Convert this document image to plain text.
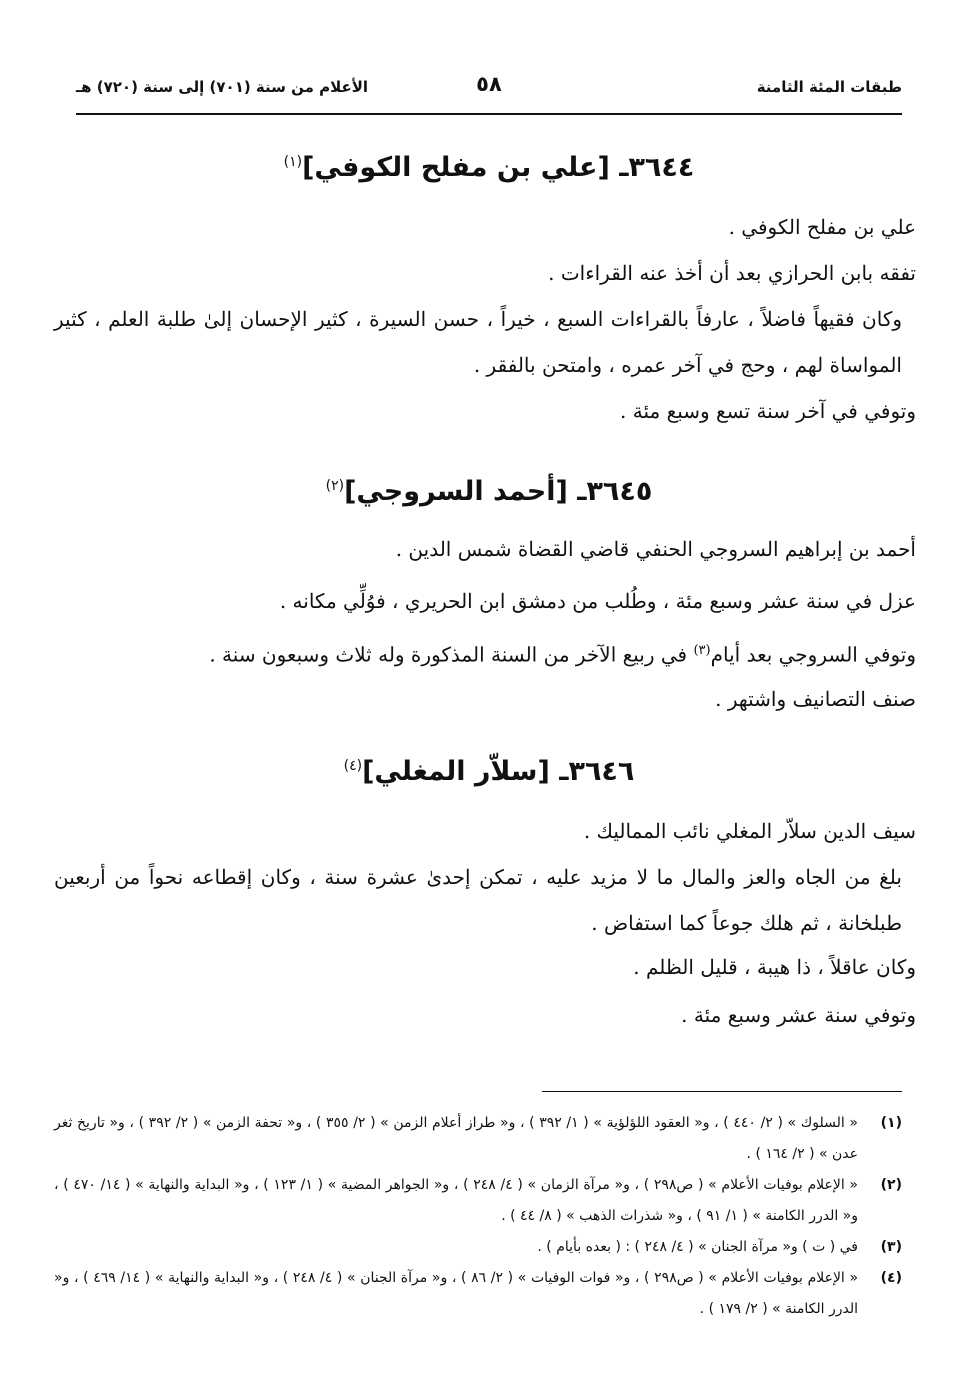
طبقات المئة الثامنة
٥٨
الأعلام من سنة (٧٠١) إلى سنة (٧٢٠) هـ
٣٦٤٤ـ [علي بن مفلح الكوفي]$^{(١)}$
علي بن مفلح الكوفي .
تفقه بابن الحرازي بعد أن أخذ عنه القراءات .
وكان فقيهاً فاضلاً ، عارفاً بالقراءات السبع ، خيراً ، حسن السيرة ، كثير الإحسان إلىٰ طلبة العلم ، كثير المواساة لهم ، وحج في آخر عمره ، وامتحن بالفقر .
وتوفي في آخر سنة تسع وسبع مئة .
٣٦٤٥ـ [أحمد السروجي]$^{(٢)}$
أحمد بن إبراهيم السروجي الحنفي قاضي القضاة شمس الدين .
عزل في سنة عشر وسبع مئة ، وطُلب من دمشق ابن الحريري ، فوُلِّي مكانه .
وتوفي السروجي بعد أيام$^{(٣)}$ في ربيع الآخر من السنة المذكورة وله ثلاث وسبعون سنة .
صنف التصانيف واشتهر .
٣٦٤٦ـ [سلاّر المغلي]$^{(٤)}$
سيف الدين سلاّر المغلي نائب المماليك .
بلغ من الجاه والعز والمال ما لا مزيد عليه ، تمكن إحدىٰ عشرة سنة ، وكان إقطاعه نحواً من أربعين طبلخانة ، ثم هلك جوعاً كما استفاض .
وكان عاقلاً ، ذا هيبة ، قليل الظلم .
وتوفي سنة عشر وسبع مئة .
(١)
« السلوك » ( ٢/ ٤٤٠ ) ، و« العقود اللؤلؤية » ( ١/ ٣٩٢ ) ، و« طراز أعلام الزمن » ( ٢/ ٣٥٥ ) ، و« تحفة الزمن » ( ٢/ ٣٩٢ ) ، و« تاريخ ثغر عدن » ( ٢/ ١٦٤ ) .
(٢)
« الإعلام بوفيات الأعلام » ( ص٢٩٨ ) ، و« مرآة الزمان » ( ٤/ ٢٤٨ ) ، و« الجواهر المضية » ( ١/ ١٢٣ ) ، و« البداية والنهاية » ( ١٤/ ٤٧٠ ) ، و« الدرر الكامنة » ( ١/ ٩١ ) ، و« شذرات الذهب » ( ٨/ ٤٤ ) .
(٣)
في ( ت ) و« مرآة الجنان » ( ٤/ ٢٤٨ ) : ( بعده بأيام ) .
(٤)
« الإعلام بوفيات الأعلام » ( ص٢٩٨ ) ، و« فوات الوفيات » ( ٢/ ٨٦ ) ، و« مرآة الجنان » ( ٤/ ٢٤٨ ) ، و« البداية والنهاية » ( ١٤/ ٤٦٩ ) ، و« الدرر الكامنة » ( ٢/ ١٧٩ ) .
